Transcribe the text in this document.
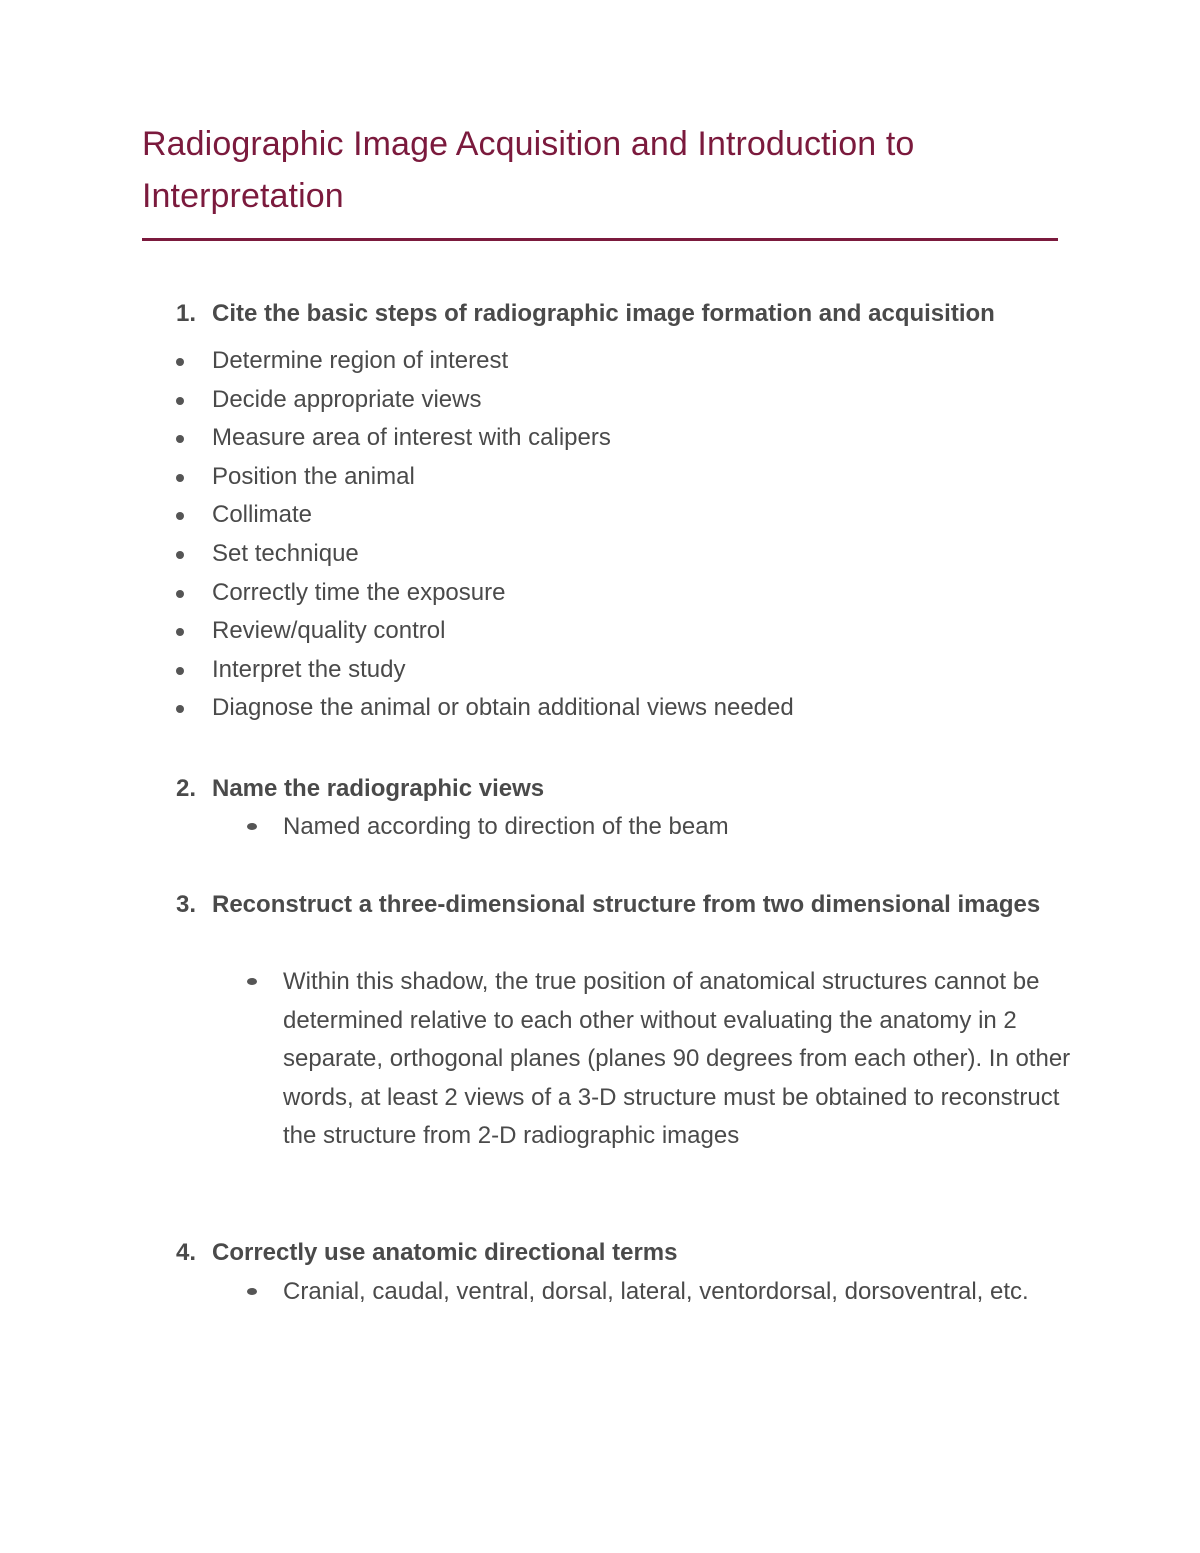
Radiographic Image Acquisition and Introduction to Interpretation
1. Cite the basic steps of radiographic image formation and acquisition
Determine region of interest
Decide appropriate views
Measure area of interest with calipers
Position the animal
Collimate
Set technique
Correctly time the exposure
Review/quality control
Interpret the study
Diagnose the animal or obtain additional views needed
2. Name the radiographic views
Named according to direction of the beam
3. Reconstruct a three-dimensional structure from two dimensional images
Within this shadow, the true position of anatomical structures cannot be determined relative to each other without evaluating the anatomy in 2 separate, orthogonal planes (planes 90 degrees from each other). In other words, at least 2 views of a 3-D structure must be obtained to reconstruct the structure from 2-D radiographic images
4. Correctly use anatomic directional terms
Cranial, caudal, ventral, dorsal, lateral, ventordorsal, dorsoventral, etc.
